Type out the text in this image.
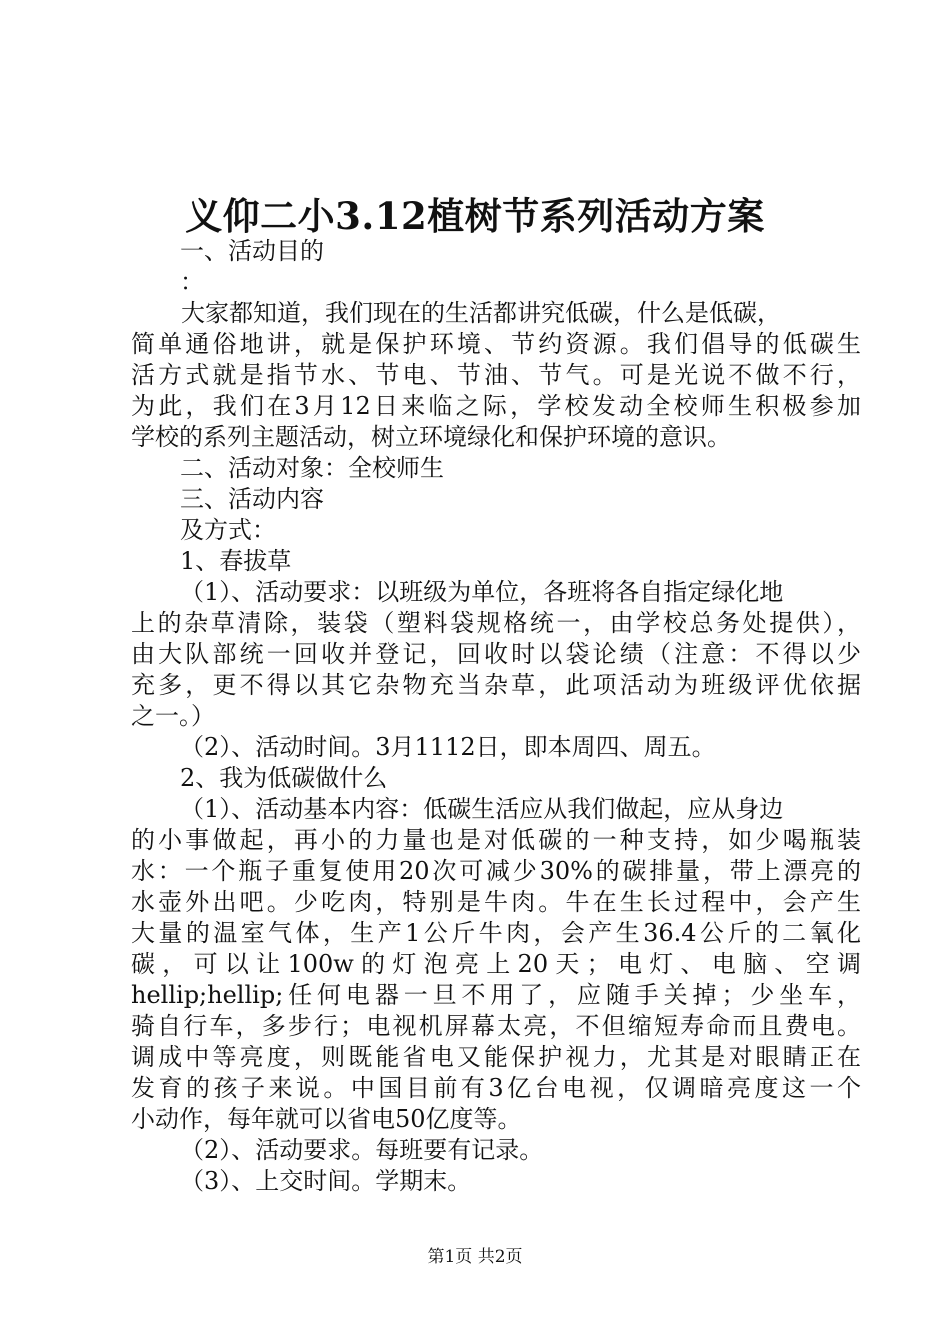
义仰二小3.12植树节系列活动方案

一、活动目的

：

大家都知道，我们现在的生活都讲究低碳，什么是低碳，

简单通俗地讲，就是保护环境、节约资源。我们倡导的低碳生

活方式就是指节水、节电、节油、节气。可是光说不做不行，

为此，我们在3月12日来临之际，学校发动全校师生积极参加

学校的系列主题活动，树立环境绿化和保护环境的意识。

二、活动对象：全校师生

三、活动内容

及方式：

1、春拔草

（1）、活动要求：以班级为单位，各班将各自指定绿化地

上的杂草清除，装袋（塑料袋规格统一，由学校总务处提供），

由大队部统一回收并登记，回收时以袋论绩（注意：不得以少

充多，更不得以其它杂物充当杂草，此项活动为班级评优依据

之一。）

（2）、活动时间。3月1112日，即本周四、周五。

2、我为低碳做什么

（1）、活动基本内容：低碳生活应从我们做起，应从身边

的小事做起，再小的力量也是对低碳的一种支持，如少喝瓶装

水：一个瓶子重复使用20次可减少30%的碳排量，带上漂亮的

水壶外出吧。少吃肉，特别是牛肉。牛在生长过程中，会产生

大量的温室气体，生产1公斤牛肉，会产生36.4公斤的二氧化

碳，可以让100w的灯泡亮上20天；电灯、电脑、空调

hellip;hellip;任何电器一旦不用了，应随手关掉；少坐车，

骑自行车，多步行；电视机屏幕太亮，不但缩短寿命而且费电。

调成中等亮度，则既能省电又能保护视力，尤其是对眼睛正在

发育的孩子来说。中国目前有3亿台电视，仅调暗亮度这一个

小动作，每年就可以省电50亿度等。

（2）、活动要求。每班要有记录。

（3）、上交时间。学期末。

第1页 共2页
